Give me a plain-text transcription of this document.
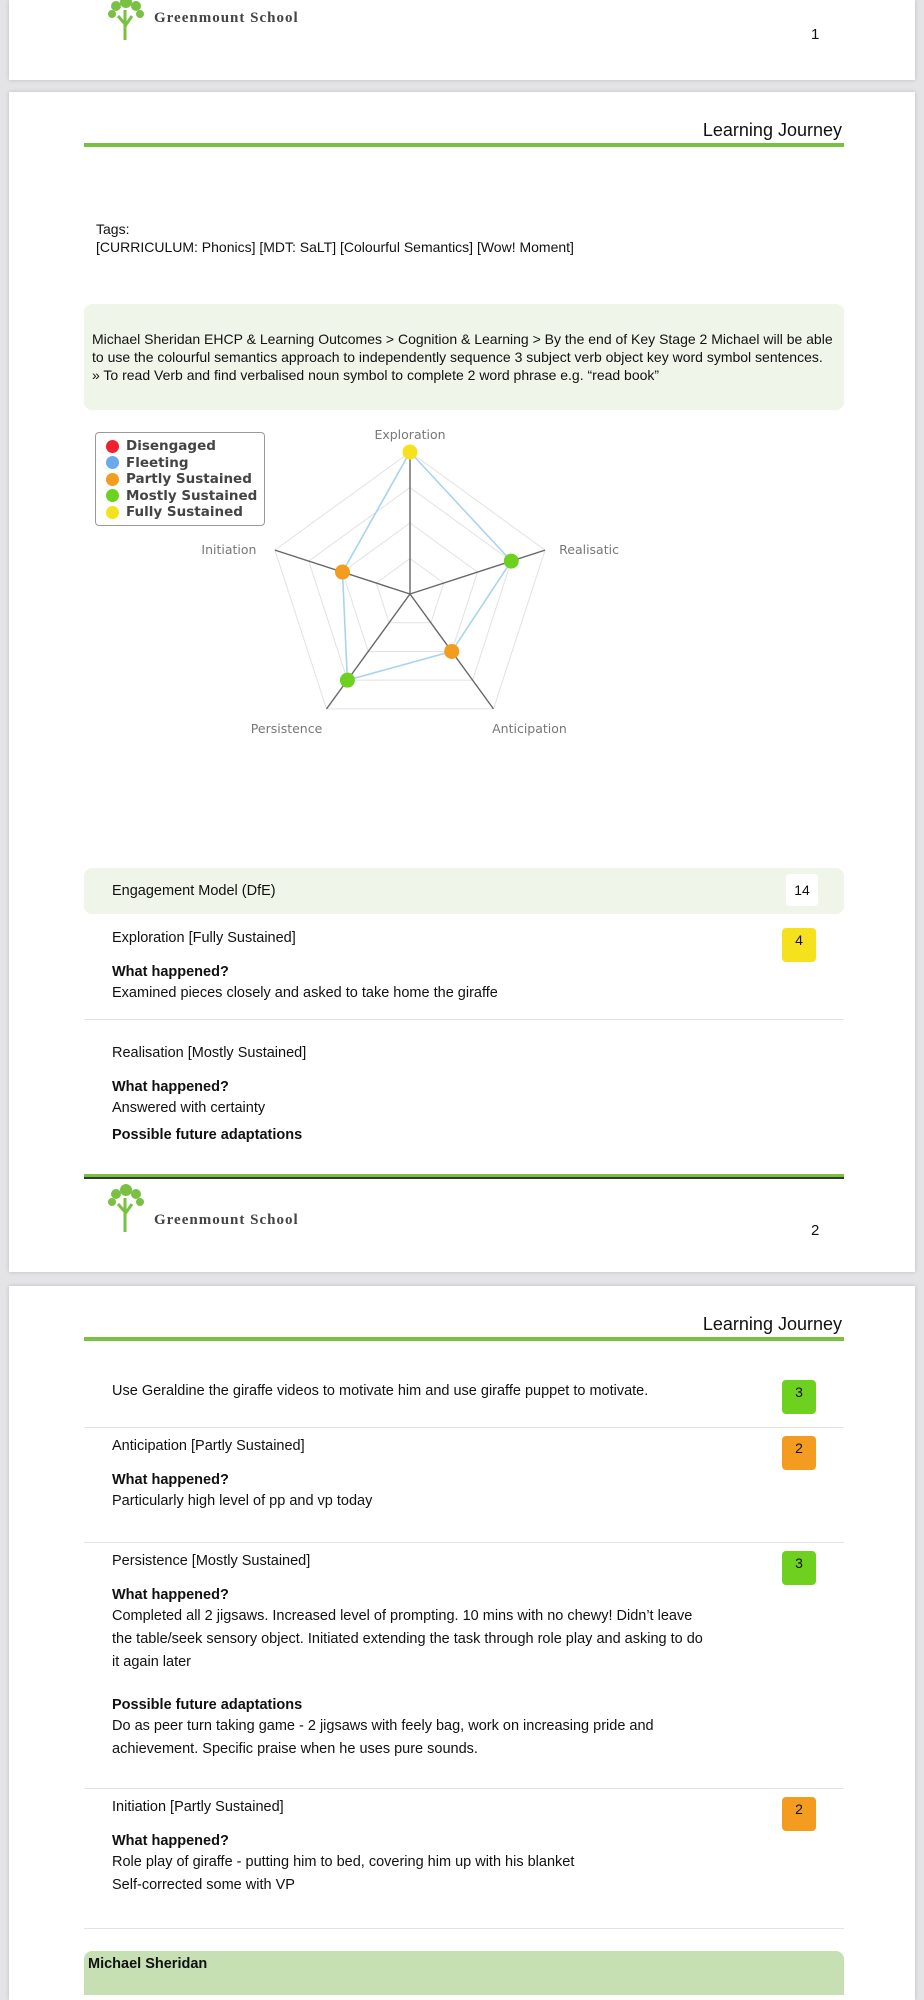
Greenmount School
1
Learning Journey
Tags:
[CURRICULUM: Phonics] [MDT: SaLT] [Colourful Semantics] [Wow! Moment]
Michael Sheridan EHCP & Learning Outcomes > Cognition & Learning > By the end of Key Stage 2 Michael will be able to use the colourful semantics approach to independently sequence 3 subject verb object key word symbol sentences.
» To read Verb and find verbalised noun symbol to complete 2 word phrase e.g. “read book”
Disengaged
Fleeting
Partly Sustained
Mostly Sustained
Fully Sustained
Exploration
Realisatic
Anticipation
Persistence
Initiation
Engagement Model (DfE)	14
Exploration [Fully Sustained]	4
What happened?
Examined pieces closely and asked to take home the giraffe
Realisation [Mostly Sustained]
What happened?
Answered with certainty
Possible future adaptations
Greenmount School
2
Learning Journey
Use Geraldine the giraffe videos to motivate him and use giraffe puppet to motivate.	3
Anticipation [Partly Sustained]	2
What happened?
Particularly high level of pp and vp today
Persistence [Mostly Sustained]	3
What happened?
Completed all 2 jigsaws. Increased level of prompting. 10 mins with no chewy! Didn’t leave the table/seek sensory object. Initiated extending the task through role play and asking to do it again later
Possible future adaptations
Do as peer turn taking game - 2 jigsaws with feely bag, work on increasing pride and achievement. Specific praise when he uses pure sounds.
Initiation [Partly Sustained]	2
What happened?
Role play of giraffe - putting him to bed, covering him up with his blanket
Self-corrected some with VP
Michael Sheridan
